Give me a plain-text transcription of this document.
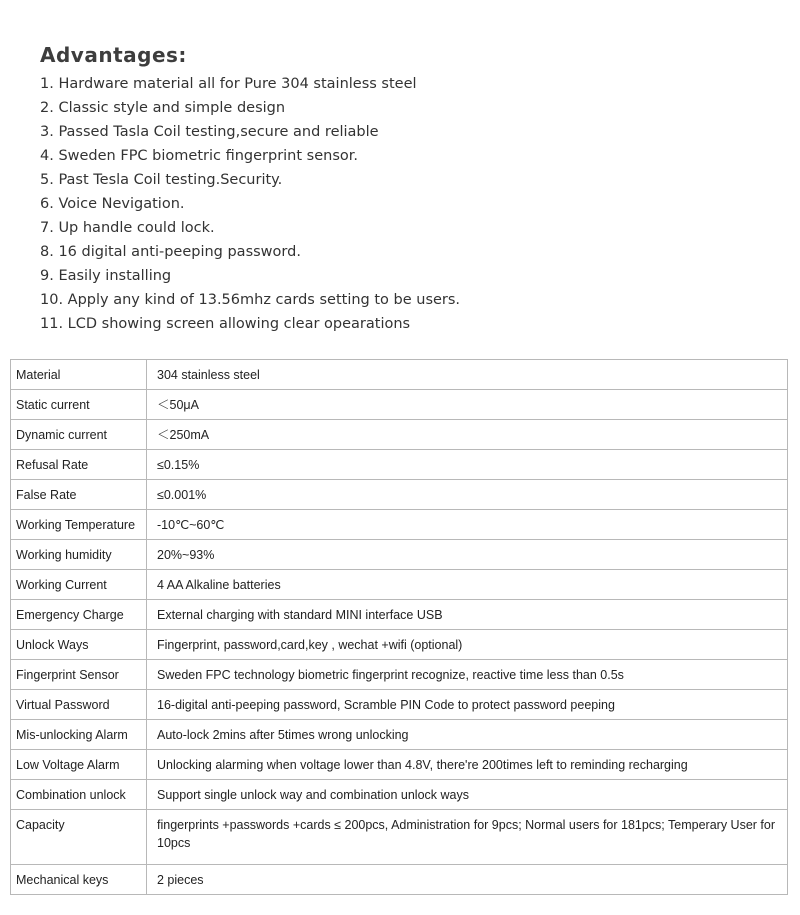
Advantages:
1. Hardware material all for Pure 304 stainless steel
2. Classic style and simple design
3. Passed Tasla Coil testing,secure and reliable
4. Sweden FPC biometric fingerprint sensor.
5. Past Tesla Coil testing.Security.
6. Voice Nevigation.
7. Up handle could lock.
8. 16 digital anti-peeping password.
9. Easily installing
10. Apply any kind of 13.56mhz cards setting to be users.
11. LCD showing screen allowing clear opearations
Material	304 stainless steel
Static current	＜50μA
Dynamic current	＜250mA
Refusal Rate	≤0.15%
False Rate	≤0.001%
Working Temperature	-10℃~60℃
Working humidity	20%~93%
Working Current	4 AA Alkaline batteries
Emergency Charge	External charging with standard MINI interface USB
Unlock Ways	Fingerprint, password,card,key , wechat +wifi (optional)
Fingerprint Sensor	Sweden FPC technology biometric fingerprint recognize, reactive time less than 0.5s
Virtual Password	16-digital anti-peeping password, Scramble PIN Code to protect password peeping
Mis-unlocking Alarm	Auto-lock 2mins after 5times wrong unlocking
Low Voltage Alarm	Unlocking alarming when voltage lower than 4.8V, there're 200times left to reminding recharging
Combination unlock	Support single unlock way and combination unlock ways
Capacity	fingerprints +passwords +cards ≤ 200pcs, Administration for 9pcs; Normal users for 181pcs; Temperary User for 10pcs
Mechanical keys	2 pieces
